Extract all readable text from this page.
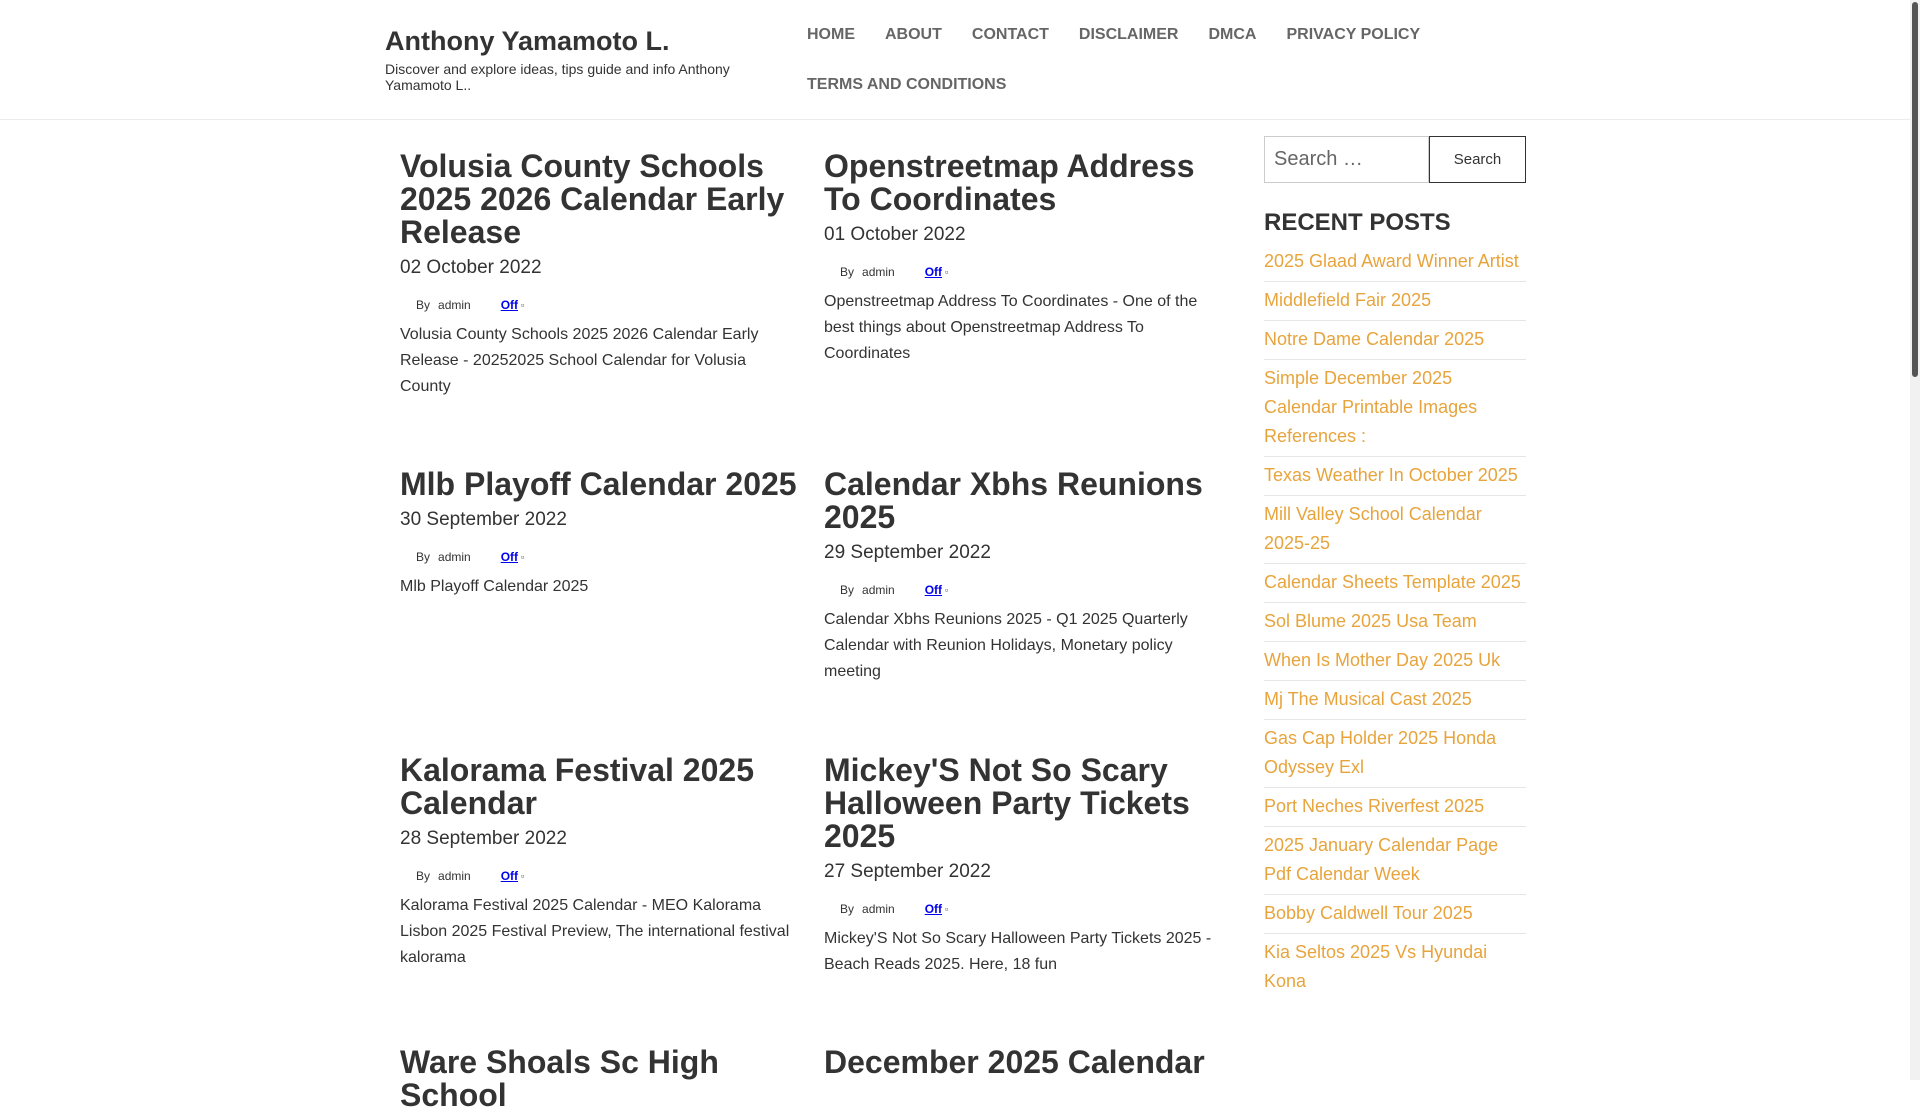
Anthony Yamamoto L.

Discover and explore ideas, tips guide and info Anthony Yamamoto L..

HOME	ABOUT	CONTACT	DISCLAIMER	DMCA	PRIVACY POLICY
TERMS AND CONDITIONS
Volusia County Schools 2025 2026 Calendar Early Release
02 October 2022
● By admin	● Off ▫

Volusia County Schools 2025 2026 Calendar Early Release - 20252025 School Calendar for Volusia County

Openstreetmap Address To Coordinates
01 October 2022
● By admin	● Off ▫

Openstreetmap Address To Coordinates - One of the best things about Openstreetmap Address To Coordinates

Mlb Playoff Calendar 2025
30 September 2022
● By admin	● Off ▫

Mlb Playoff Calendar 2025

Calendar Xbhs Reunions 2025
29 September 2022
● By admin	● Off ▫

Calendar Xbhs Reunions 2025 - Q1 2025 Quarterly Calendar with Reunion Holidays, Monetary policy meeting

Kalorama Festival 2025 Calendar
28 September 2022
● By admin	● Off ▫

Kalorama Festival 2025 Calendar - MEO Kalorama Lisbon 2025 Festival Preview, The international festival kalorama

Mickey'S Not So Scary Halloween Party Tickets 2025
27 September 2022
● By admin	● Off ▫

Mickey'S Not So Scary Halloween Party Tickets 2025 - Beach Reads 2025. Here, 18 fun

Ware Shoals Sc High School
December 2025 Calendar
Search …
Search
RECENT POSTS
2025 Glaad Award Winner Artist
Middlefield Fair 2025
Notre Dame Calendar 2025
Simple December 2025 Calendar Printable Images References :
Texas Weather In October 2025
Mill Valley School Calendar 2025-25
Calendar Sheets Template 2025
Sol Blume 2025 Usa Team
When Is Mother Day 2025 Uk
Mj The Musical Cast 2025
Gas Cap Holder 2025 Honda Odyssey Exl
Port Neches Riverfest 2025
2025 January Calendar Page Pdf Calendar Week
Bobby Caldwell Tour 2025
Kia Seltos 2025 Vs Hyundai Kona
